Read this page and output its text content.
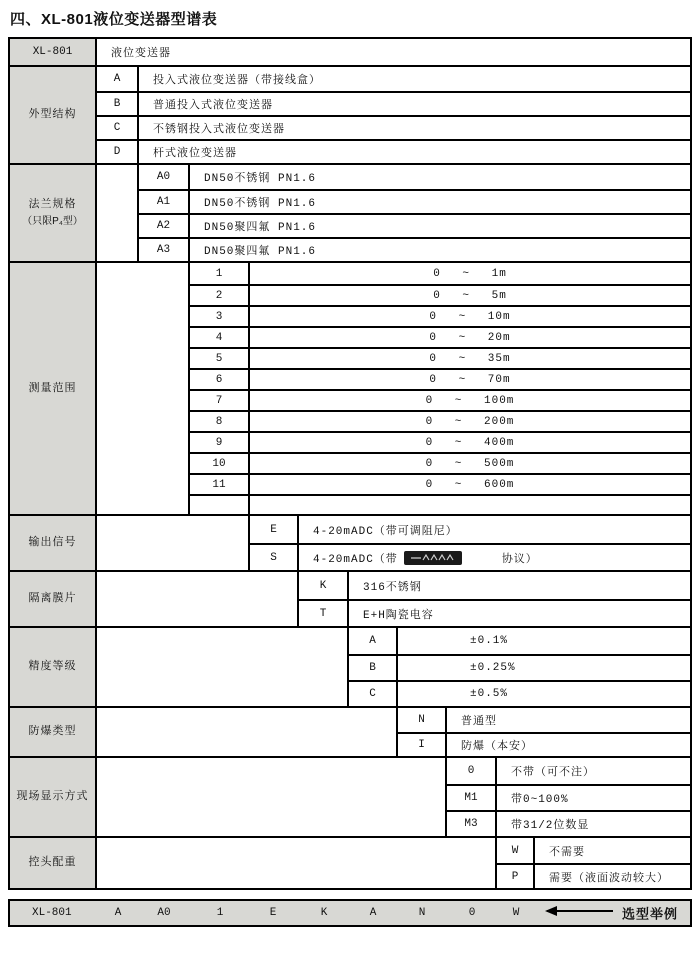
四、XL-801液位变送器型谱表
XL-801	液位变送器
外型结构
A	投入式液位变送器（带接线盒）
B	普通投入式液位变送器
C	不锈钢投入式液位变送器
D	杆式液位变送器
法兰规格
（只限P₄型）
A0	DN50不锈钢 PN1.6
A1	DN50不锈钢 PN1.6
A2	DN50聚四氟 PN1.6
A3	DN50聚四氟 PN1.6
测量范围
1	0 ~ 1m
2	0 ~ 5m
3	0 ~ 10m
4	0 ~ 20m
5	0 ~ 35m
6	0 ~ 70m
7	0 ~ 100m
8	0 ~ 200m
9	0 ~ 400m
10	0 ~ 500m
11	0 ~ 600m
输出信号
E	4-20mADC（带可调阻尼）
S	4-20mADC（带	协议）
隔离膜片
K	316不锈钢
T	E+H陶瓷电容
精度等级
A	±0.1%
B	±0.25%
C	±0.5%
防爆类型
N	普通型
I	防爆（本安）
现场显示方式
0	不带（可不注）
M1	带0~100%
M3	带31/2位数显
控头配重
W	不需要
P	需要（液面波动较大）
XL-801	A	A0	1	E	K	A	N	0	W	选型举例
